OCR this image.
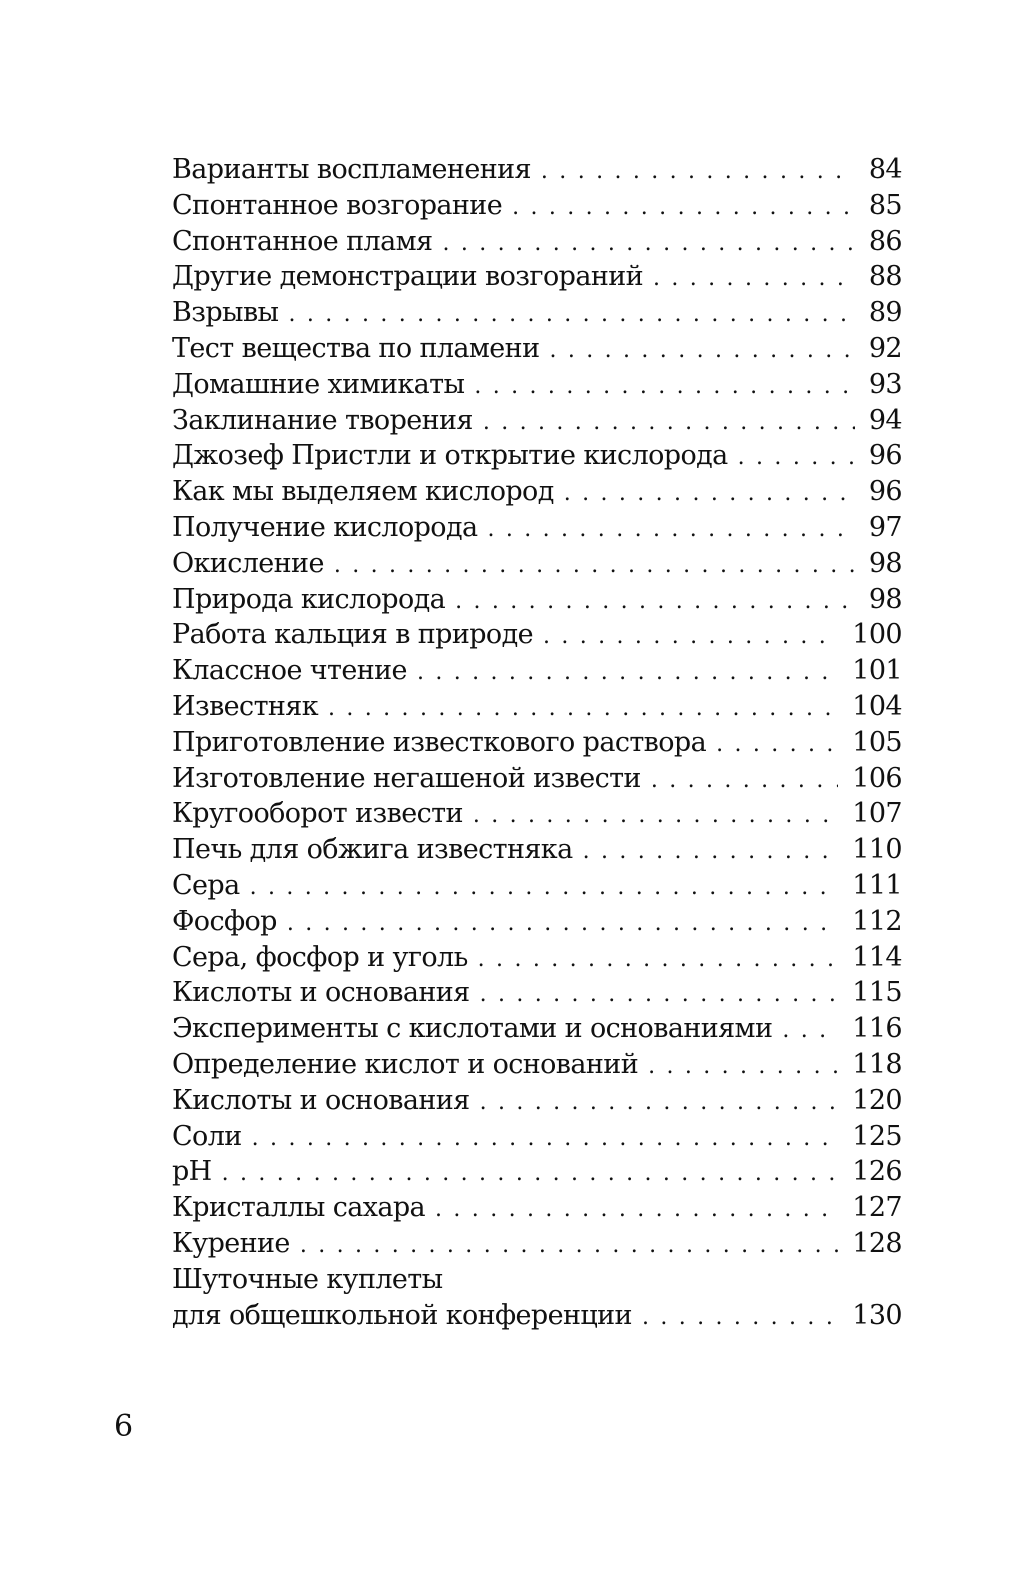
Варианты воспламенения . . .	84
Спонтанное возгорание . . .	85
Спонтанное пламя . . .	86
Другие демонстрации возгораний . . .	88
Взрывы . . .	89
Тест вещества по пламени . . .	92
Домашние химикаты . . .	93
Заклинание творения . . .	94
Джозеф Пристли и открытие кислорода . . .	96
Как мы выделяем кислород . . .	96
Получение кислорода . . .	97
Окисление . . .	98
Природа кислорода . . .	98
Работа кальция в природе . . .	100
Классное чтение . . .	101
Известняк . . .	104
Приготовление известкового раствора . . .	105
Изготовление негашеной извести . . .	106
Кругооборот извести . . .	107
Печь для обжига известняка . . .	110
Сера . . .	111
Фосфор . . .	112
Сера, фосфор и уголь . . .	114
Кислоты и основания . . .	115
Эксперименты с кислотами и основаниями . . .	116
Определение кислот и оснований . . .	118
Кислоты и основания . . .	120
Соли . . .	125
pH . . .	126
Кристаллы сахара . . .	127
Курение . . .	128
Шуточные куплеты
для общешкольной конференции . . .	130
6
